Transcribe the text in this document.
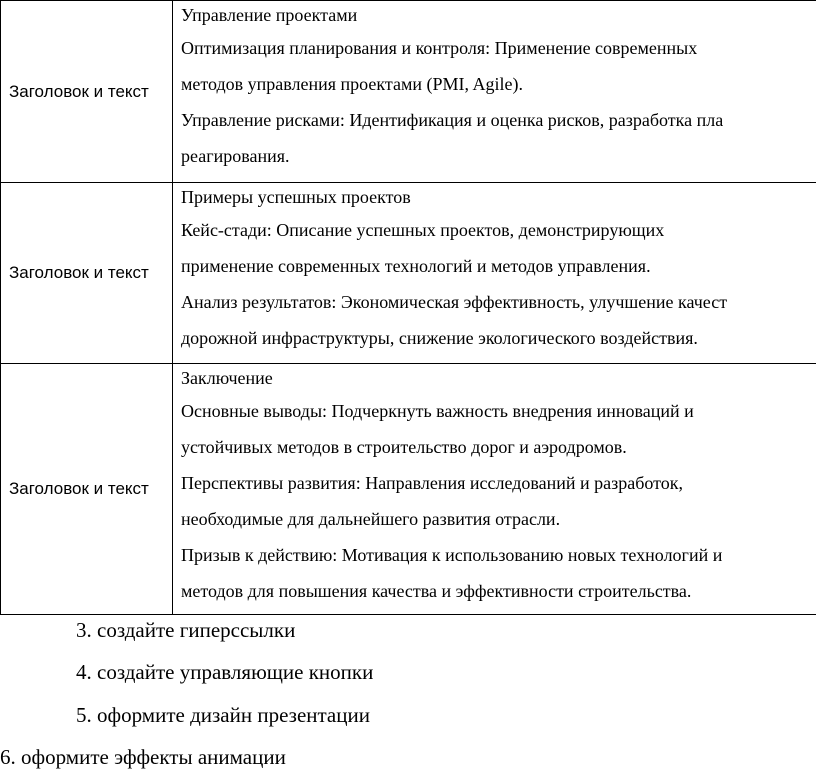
Заголовок и текст
Управление проектами
Оптимизация планирования и контроля: Применение современных
методов управления проектами (PMI, Agile).
Управление рисками: Идентификация и оценка рисков, разработка пла
реагирования.
Заголовок и текст
Примеры успешных проектов
Кейс-стади: Описание успешных проектов, демонстрирующих
применение современных технологий и методов управления.
Анализ результатов: Экономическая эффективность, улучшение качест
дорожной инфраструктуры, снижение экологического воздействия.
Заголовок и текст
Заключение
Основные выводы: Подчеркнуть важность внедрения инноваций и
устойчивых методов в строительство дорог и аэродромов.
Перспективы развития: Направления исследований и разработок,
необходимые для дальнейшего развития отрасли.
Призыв к действию: Мотивация к использованию новых технологий и
методов для повышения качества и эффективности строительства.
3. создайте гиперссылки
4. создайте управляющие кнопки
5. оформите дизайн презентации
6. оформите эффекты анимации
